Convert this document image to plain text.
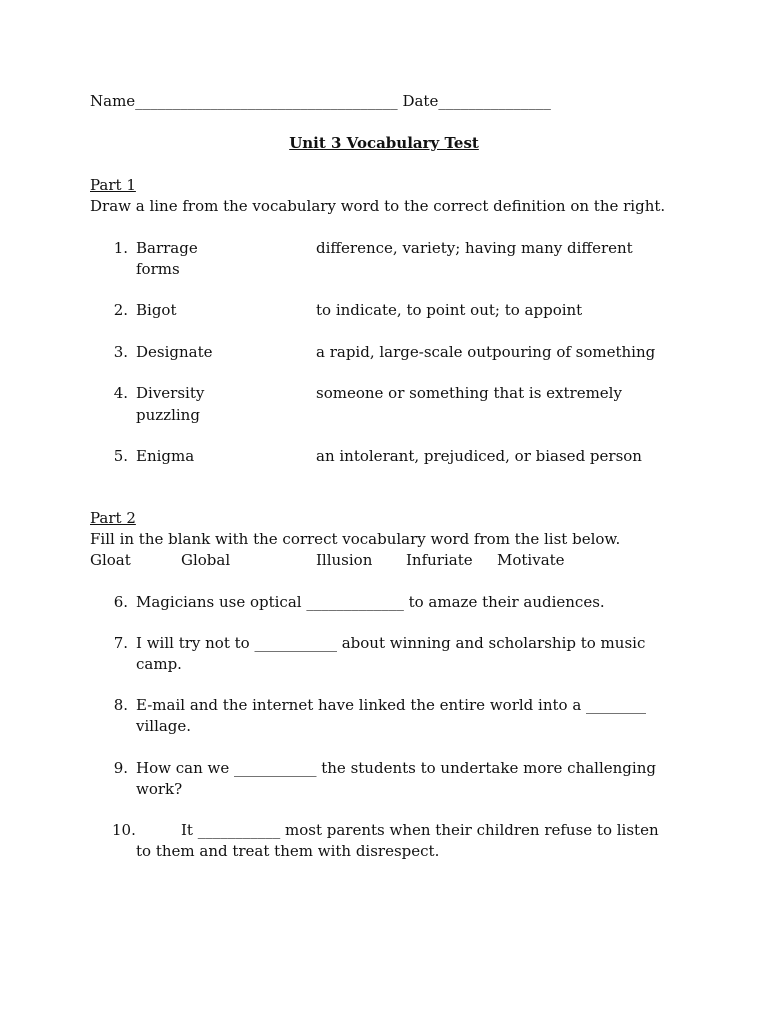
Name___________________________________ Date_______________
Unit 3 Vocabulary Test
Part 1
Draw a line from the vocabulary word to the correct definition on the right.
1. Barrage	difference, variety; having many different
forms
2. Bigot	to indicate, to point out; to appoint
3. Designate	a rapid, large-scale outpouring of something
4. Diversity	someone or something that is extremely
puzzling
5. Enigma	an intolerant, prejudiced, or biased person
Part 2
Fill in the blank with the correct vocabulary word from the list below.
Gloat	Global	Illusion Infuriate Motivate
6. Magicians use optical _____________ to amaze their audiences.
7. I will try not to ___________ about winning and scholarship to music
camp.
8. E-mail and the internet have linked the entire world into a ________
village.
9. How can we ___________ the students to undertake more challenging
work?
10.	It ___________ most parents when their children refuse to listen
to them and treat them with disrespect.
